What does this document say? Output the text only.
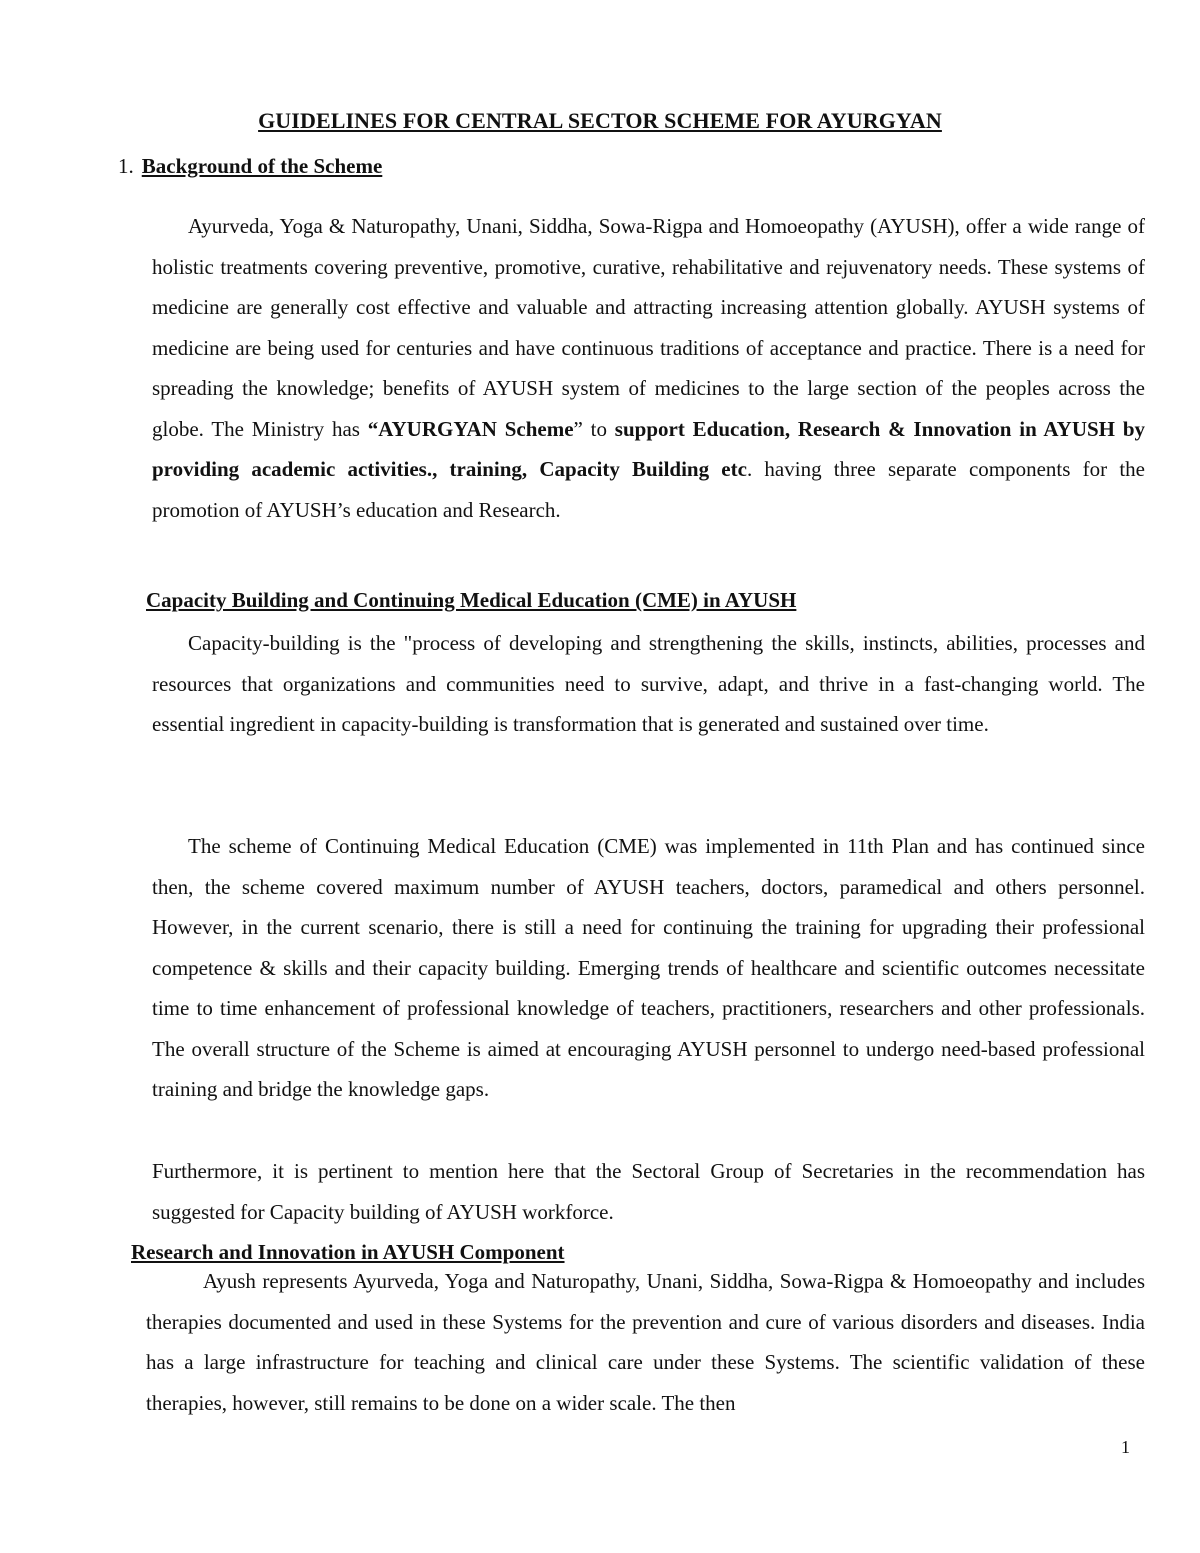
GUIDELINES FOR CENTRAL SECTOR SCHEME FOR AYURGYAN
1. Background of the Scheme
Ayurveda, Yoga & Naturopathy, Unani, Siddha, Sowa-Rigpa and Homoeopathy (AYUSH), offer a wide range of holistic treatments covering preventive, promotive, curative, rehabilitative and rejuvenatory needs. These systems of medicine are generally cost effective and valuable and attracting increasing attention globally. AYUSH systems of medicine are being used for centuries and have continuous traditions of acceptance and practice. There is a need for spreading the knowledge; benefits of AYUSH system of medicines to the large section of the peoples across the globe. The Ministry has “AYURGYAN Scheme” to support Education, Research & Innovation in AYUSH by providing academic activities., training, Capacity Building etc. having three separate components for the promotion of AYUSH’s education and Research.
Capacity Building and Continuing Medical Education (CME) in AYUSH
Capacity-building is the "process of developing and strengthening the skills, instincts, abilities, processes and resources that organizations and communities need to survive, adapt, and thrive in a fast-changing world. The essential ingredient in capacity-building is transformation that is generated and sustained over time.
The scheme of Continuing Medical Education (CME) was implemented in 11th Plan and has continued since then, the scheme covered maximum number of AYUSH teachers, doctors, paramedical and others personnel. However, in the current scenario, there is still a need for continuing the training for upgrading their professional competence & skills and their capacity building. Emerging trends of healthcare and scientific outcomes necessitate time to time enhancement of professional knowledge of teachers, practitioners, researchers and other professionals. The overall structure of the Scheme is aimed at encouraging AYUSH personnel to undergo need-based professional training and bridge the knowledge gaps.
Furthermore, it is pertinent to mention here that the Sectoral Group of Secretaries in the recommendation has suggested for Capacity building of AYUSH workforce.
Research and Innovation in AYUSH Component
Ayush represents Ayurveda, Yoga and Naturopathy, Unani, Siddha, Sowa-Rigpa & Homoeopathy and includes therapies documented and used in these Systems for the prevention and cure of various disorders and diseases. India has a large infrastructure for teaching and clinical care under these Systems. The scientific validation of these therapies, however, still remains to be done on a wider scale. The then
1
